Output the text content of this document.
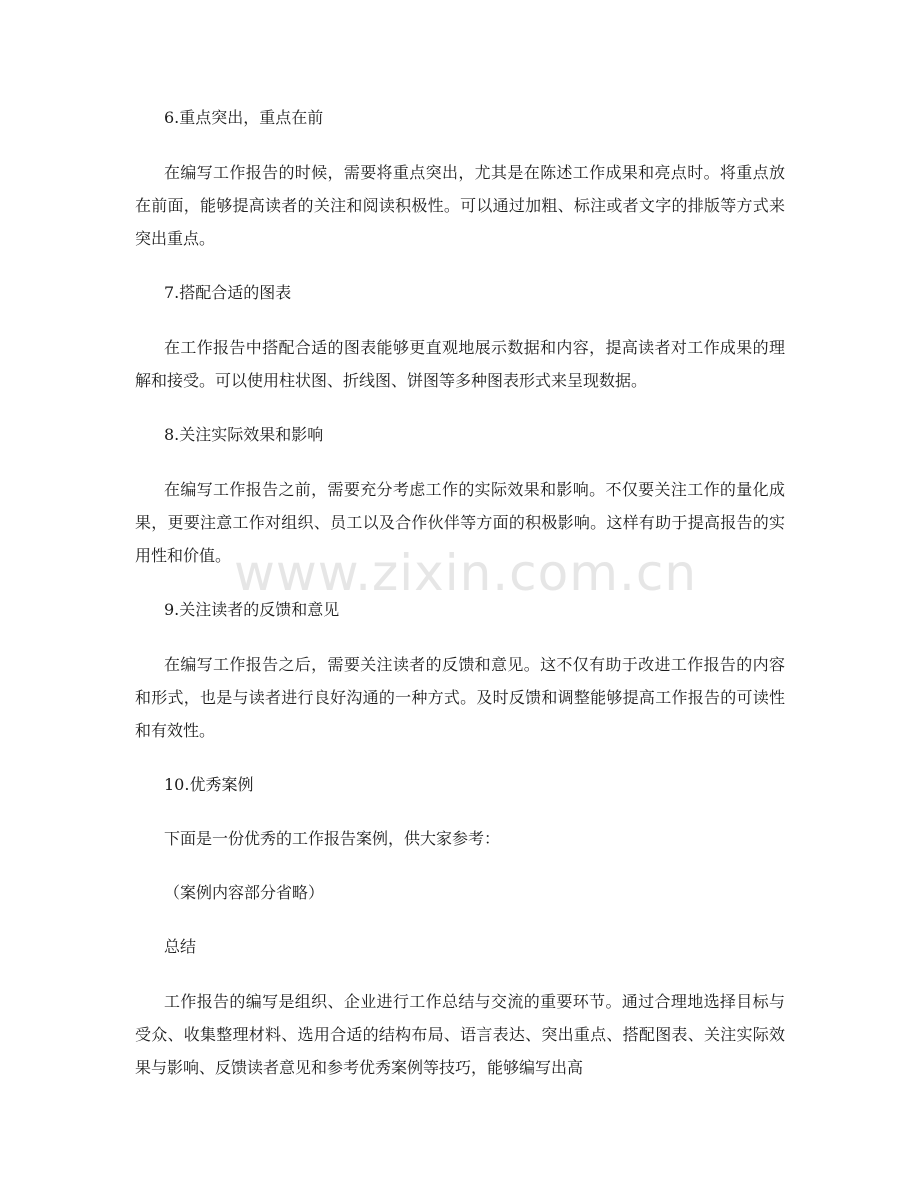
www.zixin.com.cn
6.重点突出，重点在前
在编写工作报告的时候，需要将重点突出，尤其是在陈述工作成果和亮点时。将重点放在前面，能够提高读者的关注和阅读积极性。可以通过加粗、标注或者文字的排版等方式来突出重点。
7.搭配合适的图表
在工作报告中搭配合适的图表能够更直观地展示数据和内容，提高读者对工作成果的理解和接受。可以使用柱状图、折线图、饼图等多种图表形式来呈现数据。
8.关注实际效果和影响
在编写工作报告之前，需要充分考虑工作的实际效果和影响。不仅要关注工作的量化成果，更要注意工作对组织、员工以及合作伙伴等方面的积极影响。这样有助于提高报告的实用性和价值。
9.关注读者的反馈和意见
在编写工作报告之后，需要关注读者的反馈和意见。这不仅有助于改进工作报告的内容和形式，也是与读者进行良好沟通的一种方式。及时反馈和调整能够提高工作报告的可读性和有效性。
10.优秀案例
下面是一份优秀的工作报告案例，供大家参考：
（案例内容部分省略）
总结
工作报告的编写是组织、企业进行工作总结与交流的重要环节。通过合理地选择目标与受众、收集整理材料、选用合适的结构布局、语言表达、突出重点、搭配图表、关注实际效果与影响、反馈读者意见和参考优秀案例等技巧，能够编写出高
